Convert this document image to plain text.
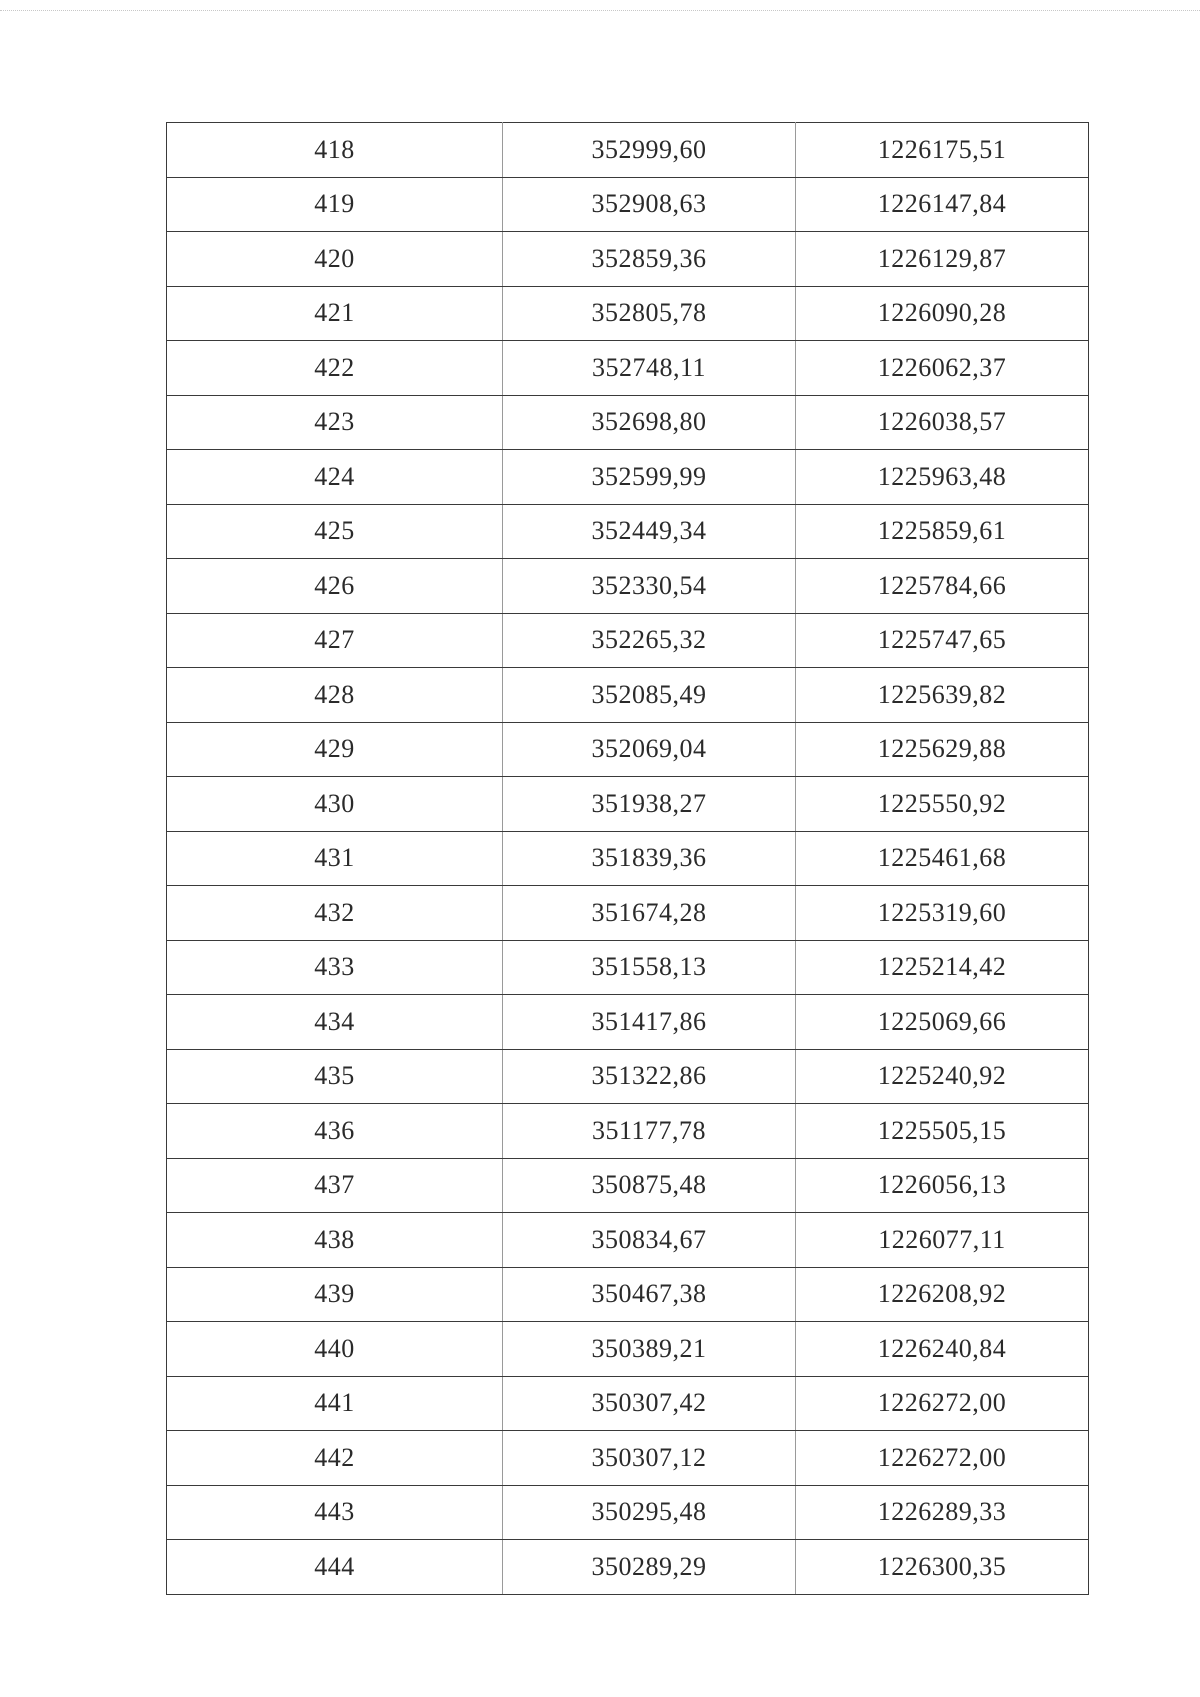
418	352999,60	1226175,51
419	352908,63	1226147,84
420	352859,36	1226129,87
421	352805,78	1226090,28
422	352748,11	1226062,37
423	352698,80	1226038,57
424	352599,99	1225963,48
425	352449,34	1225859,61
426	352330,54	1225784,66
427	352265,32	1225747,65
428	352085,49	1225639,82
429	352069,04	1225629,88
430	351938,27	1225550,92
431	351839,36	1225461,68
432	351674,28	1225319,60
433	351558,13	1225214,42
434	351417,86	1225069,66
435	351322,86	1225240,92
436	351177,78	1225505,15
437	350875,48	1226056,13
438	350834,67	1226077,11
439	350467,38	1226208,92
440	350389,21	1226240,84
441	350307,42	1226272,00
442	350307,12	1226272,00
443	350295,48	1226289,33
444	350289,29	1226300,35
